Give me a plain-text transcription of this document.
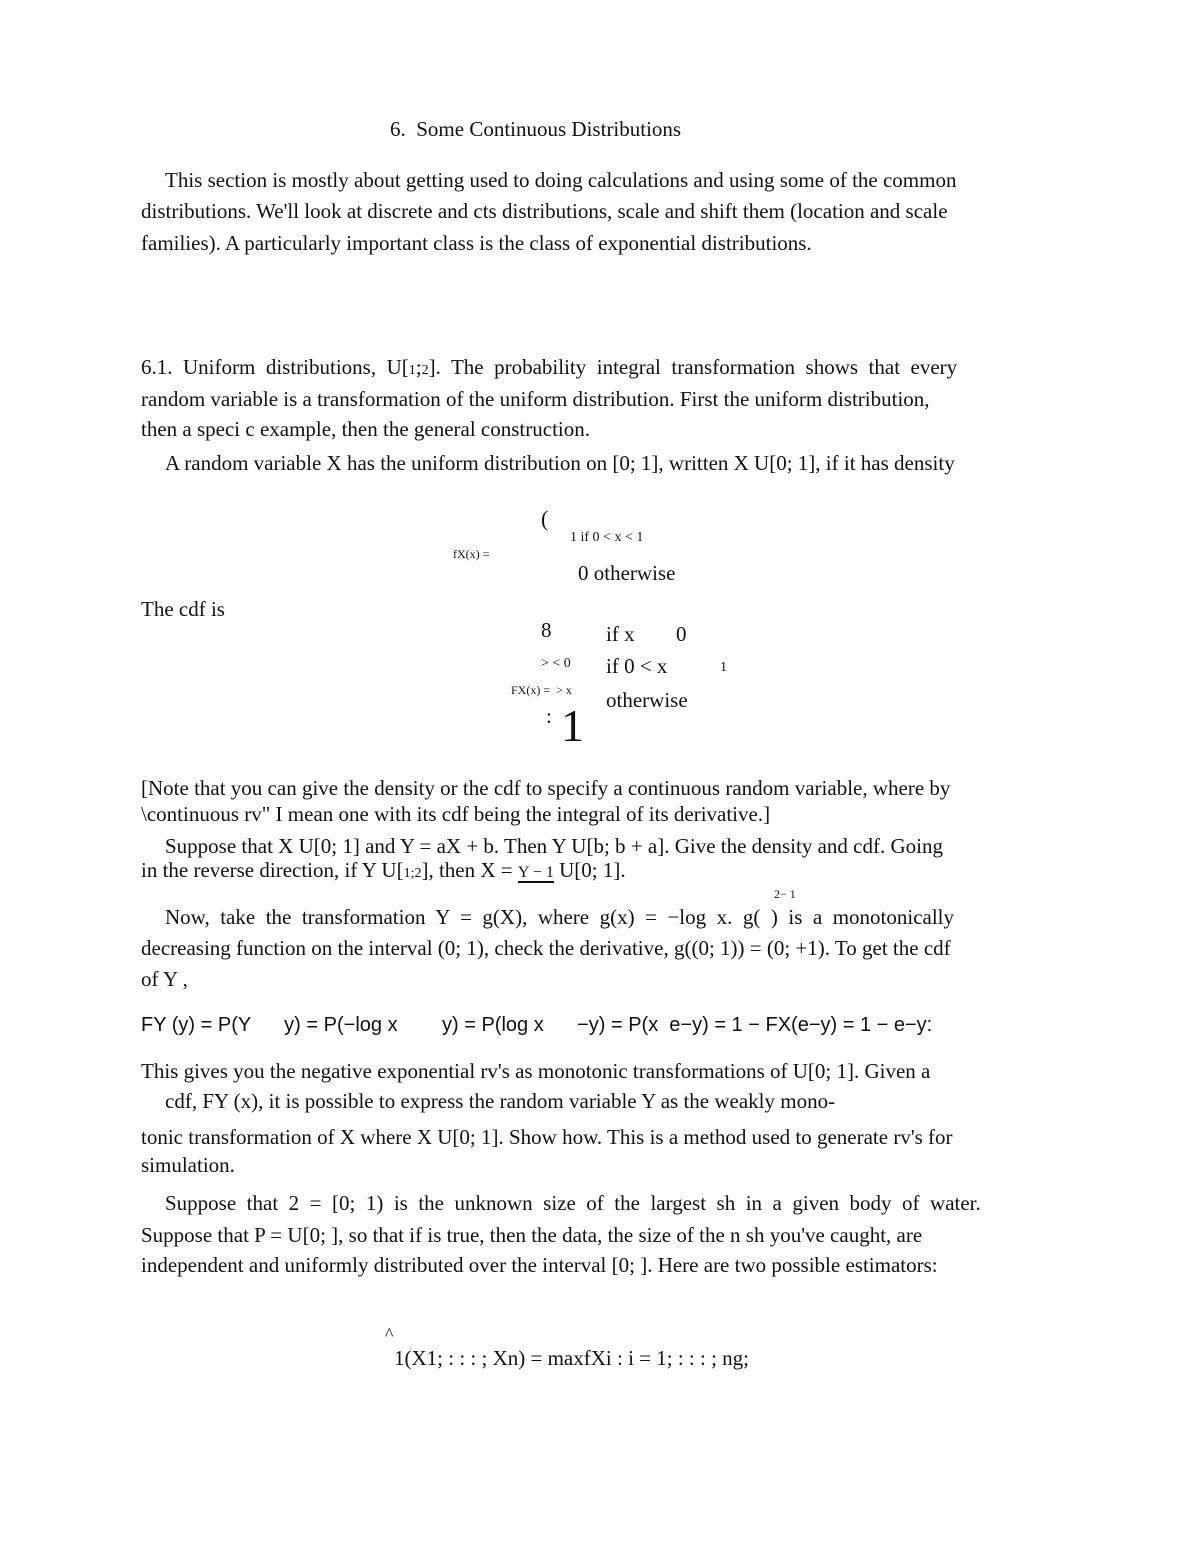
6.  Some Continuous Distributions
This section is mostly about getting used to doing calculations and using some of the common
distributions. We'll look at discrete and cts distributions, scale and shift them (location and scale
families). A particularly important class is the class of exponential distributions.
6.1.  Uniform  distributions,  U[1;2].  The  probability  integral  transformation  shows  that  every
random variable is a transformation of the uniform distribution. First the uniform distribution,
then a speci c example, then the general construction.
A random variable X has the uniform distribution on [0; 1], written X U[0; 1], if it has density
(
1 if 0 < x < 1
fX(x) =
0 otherwise
The cdf is
8	if x 0
> < 0 if 0 < x	1
FX(x) =  > x otherwise
: 1
[Note that you can give the density or the cdf to specify a continuous random variable, where by
\continuous rv" I mean one with its cdf being the integral of its derivative.]
Suppose that X U[0; 1] and Y = aX + b. Then Y U[b; b + a]. Give the density and cdf. Going
in the reverse direction, if Y U[1;2], then X = Y − 1 U[0; 1].
2− 1
Now,  take  the  transformation  Y  =  g(X),  where  g(x)  =  −log  x.  g(  )  is  a  monotonically
decreasing function on the interval (0; 1), check the derivative, g((0; 1)) = (0; +1). To get the cdf
of Y ,
FY (y) = P(Y      y) = P(−log x        y) = P(log x      −y) = P(x  e−y) = 1 − FX(e−y) = 1 − e−y:
This gives you the negative exponential rv's as monotonic transformations of U[0; 1]. Given a
cdf, FY (x), it is possible to express the random variable Y as the weakly mono-
tonic transformation of X where X U[0; 1]. Show how. This is a method used to generate rv's for
simulation.
Suppose  that  2  =  [0;  1)  is  the  unknown  size  of  the  largest  sh  in  a  given  body  of  water.
Suppose that P = U[0; ], so that if is true, then the data, the size of the n sh you've caught, are
independent and uniformly distributed over the interval [0; ]. Here are two possible estimators:
^
1(X1; : : : ; Xn) = maxfXi : i = 1; : : : ; ng;
